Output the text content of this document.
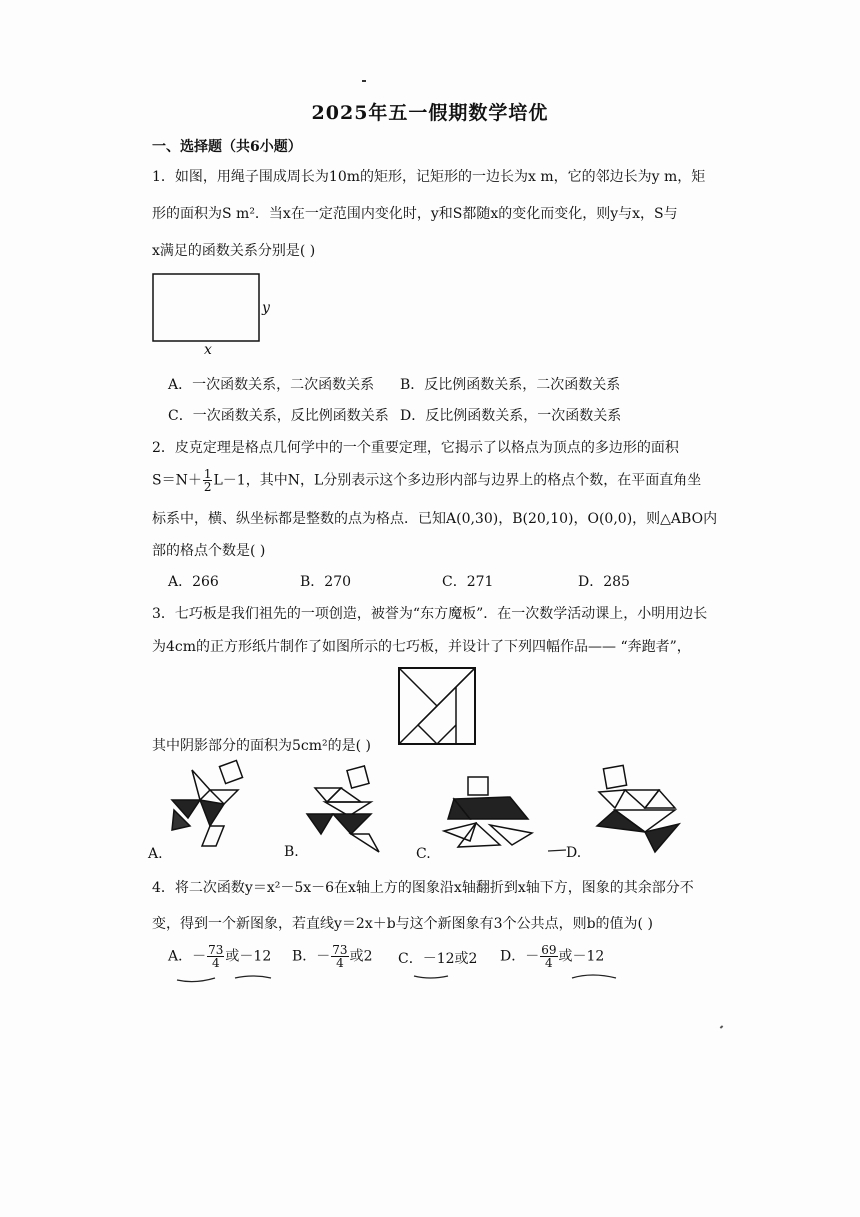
2025年五一假期数学培优
一、选择题（共6小题）
1．如图，用绳子围成周长为10m的矩形，记矩形的一边长为x m，它的邻边长为y m，矩
形的面积为S m²．当x在一定范围内变化时，y和S都随x的变化而变化，则y与x，S与
x满足的函数关系分别是( )
y
x
A．一次函数关系，二次函数关系 B．反比例函数关系，二次函数关系
C．一次函数关系，反比例函数关系 D．反比例函数关系，一次函数关系
2．皮克定理是格点几何学中的一个重要定理，它揭示了以格点为顶点的多边形的面积
$S=N+ \frac{1}{2} L-1$，其中N，L分别表示这个多边形内部与边界上的格点个数，在平面直角坐
标系中，横、纵坐标都是整数的点为格点．已知A(0,30)，B(20,10)，O(0,0)，则△ABO内
部的格点个数是( )
A．266	B．270	C．271	D．285
3．七巧板是我们祖先的一项创造，被誉为“东方魔板”．在一次数学活动课上，小明用边长
为4cm的正方形纸片制作了如图所示的七巧板，并设计了下列四幅作品—— “奔跑者”，
其中阴影部分的面积为5cm²的是( )
A.	B.	C.	D.
4．将二次函数y＝x²－5x－6在x轴上方的图象沿x轴翻折到x轴下方，图象的其余部分不
变，得到一个新图象，若直线y＝2x＋b与这个新图象有3个公共点，则b的值为( )
A．－ $\frac{73}{4}$ 或－12 B．－ $\frac{73}{4}$ 或2 C．－12或2 D．－ $\frac{69}{4}$ 或－12
